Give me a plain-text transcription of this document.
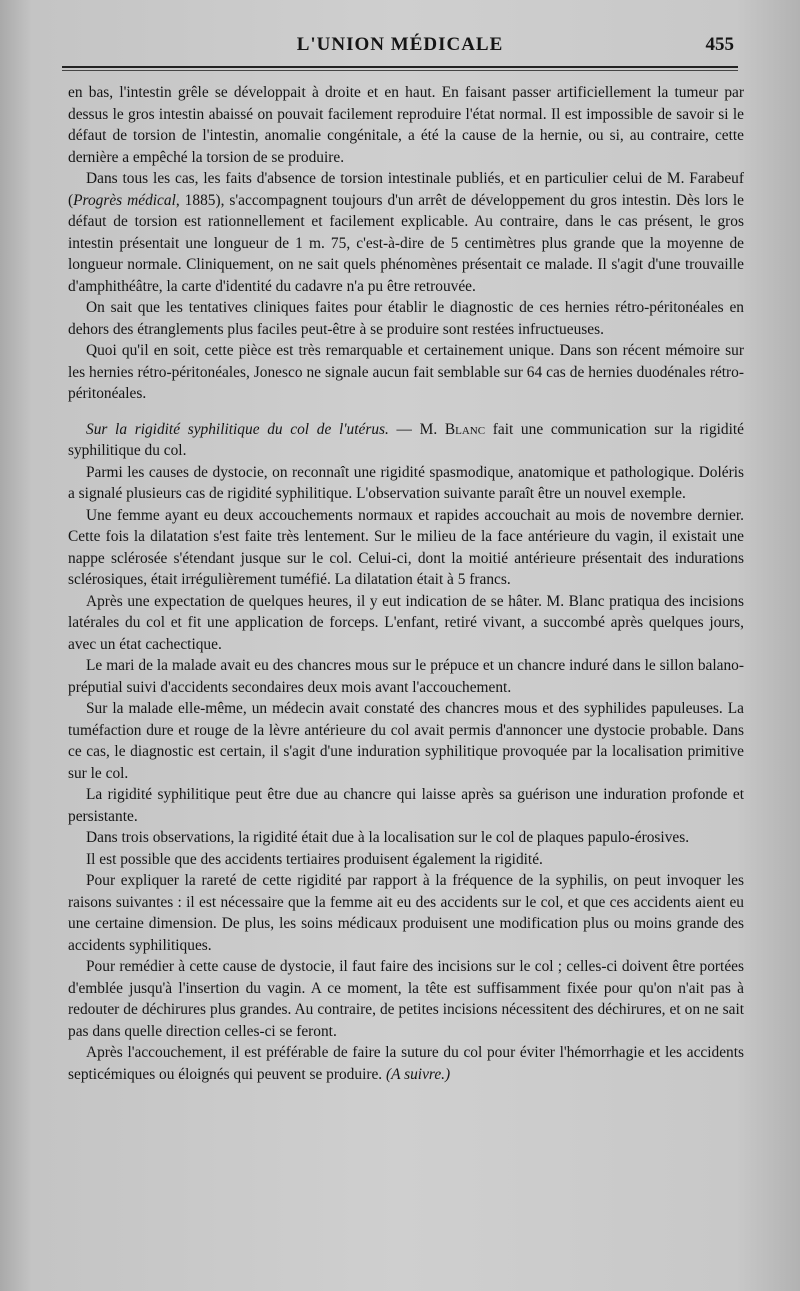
L'UNION MÉDICALE	455

en bas, l'intestin grêle se développait à droite et en haut. En faisant passer artificiellement la tumeur par dessus le gros intestin abaissé on pouvait facilement reproduire l'état normal. Il est impossible de savoir si le défaut de torsion de l'intestin, anomalie congénitale, a été la cause de la hernie, ou si, au contraire, cette dernière a empêché la torsion de se produire.

Dans tous les cas, les faits d'absence de torsion intestinale publiés, et en particulier celui de M. Farabeuf (Progrès médical, 1885), s'accompagnent toujours d'un arrêt de développement du gros intestin. Dès lors le défaut de torsion est rationnellement et facilement explicable. Au contraire, dans le cas présent, le gros intestin présentait une longueur de 1 m. 75, c'est-à-dire de 5 centimètres plus grande que la moyenne de longueur normale. Cliniquement, on ne sait quels phénomènes présentait ce malade. Il s'agit d'une trouvaille d'amphithéâtre, la carte d'identité du cadavre n'a pu être retrouvée.

On sait que les tentatives cliniques faites pour établir le diagnostic de ces hernies rétro-péritonéales en dehors des étranglements plus faciles peut-être à se produire sont restées infructueuses.

Quoi qu'il en soit, cette pièce est très remarquable et certainement unique. Dans son récent mémoire sur les hernies rétro-péritonéales, Jonesco ne signale aucun fait semblable sur 64 cas de hernies duodénales rétro-péritonéales.

Sur la rigidité syphilitique du col de l'utérus. — M. Blanc fait une communication sur la rigidité syphilitique du col.

Parmi les causes de dystocie, on reconnaît une rigidité spasmodique, anatomique et pathologique. Doléris a signalé plusieurs cas de rigidité syphilitique. L'observation suivante paraît être un nouvel exemple.

Une femme ayant eu deux accouchements normaux et rapides accouchait au mois de novembre dernier. Cette fois la dilatation s'est faite très lentement. Sur le milieu de la face antérieure du vagin, il existait une nappe sclérosée s'étendant jusque sur le col. Celui-ci, dont la moitié antérieure présentait des indurations sclérosiques, était irrégulièrement tuméfié. La dilatation était à 5 francs.

Après une expectation de quelques heures, il y eut indication de se hâter. M. Blanc pratiqua des incisions latérales du col et fit une application de forceps. L'enfant, retiré vivant, a succombé après quelques jours, avec un état cachectique.

Le mari de la malade avait eu des chancres mous sur le prépuce et un chancre induré dans le sillon balano-préputial suivi d'accidents secondaires deux mois avant l'accouchement.

Sur la malade elle-même, un médecin avait constaté des chancres mous et des syphilides papuleuses. La tuméfaction dure et rouge de la lèvre antérieure du col avait permis d'annoncer une dystocie probable. Dans ce cas, le diagnostic est certain, il s'agit d'une induration syphilitique provoquée par la localisation primitive sur le col.

La rigidité syphilitique peut être due au chancre qui laisse après sa guérison une induration profonde et persistante.

Dans trois observations, la rigidité était due à la localisation sur le col de plaques papulo-érosives.

Il est possible que des accidents tertiaires produisent également la rigidité.

Pour expliquer la rareté de cette rigidité par rapport à la fréquence de la syphilis, on peut invoquer les raisons suivantes : il est nécessaire que la femme ait eu des accidents sur le col, et que ces accidents aient eu une certaine dimension. De plus, les soins médicaux produisent une modification plus ou moins grande des accidents syphilitiques.

Pour remédier à cette cause de dystocie, il faut faire des incisions sur le col ; celles-ci doivent être portées d'emblée jusqu'à l'insertion du vagin. A ce moment, la tête est suffisamment fixée pour qu'on n'ait pas à redouter de déchirures plus grandes. Au contraire, de petites incisions nécessitent des déchirures, et on ne sait pas dans quelle direction celles-ci se feront.

Après l'accouchement, il est préférable de faire la suture du col pour éviter l'hémorrhagie et les accidents septicémiques ou éloignés qui peuvent se produire. (A suivre.)
